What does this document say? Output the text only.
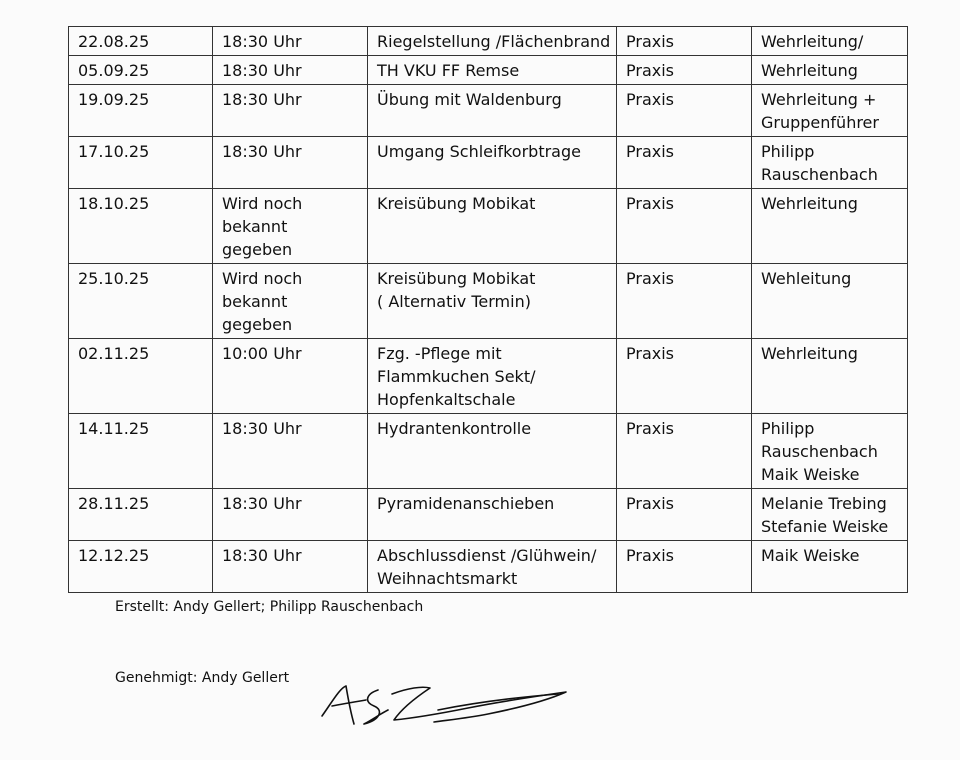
22.08.25	18:30 Uhr	Riegelstellung /Flächenbrand	Praxis	Wehrleitung/

05.09.25	18:30 Uhr	TH VKU FF Remse	Praxis	Wehrleitung

19.09.25	18:30 Uhr	Übung mit Waldenburg	Praxis	Wehrleitung +
Gruppenführer

17.10.25	18:30 Uhr	Umgang Schleifkorbtrage	Praxis	Philipp
Rauschenbach

18.10.25	Wird noch
bekannt
gegeben	Kreisübung Mobikat	Praxis	Wehrleitung

25.10.25	Wird noch
bekannt
gegeben	Kreisübung Mobikat
( Alternativ Termin)	Praxis	Wehleitung

02.11.25	10:00 Uhr	Fzg. -Pflege mit
Flammkuchen Sekt/
Hopfenkaltschale	Praxis	Wehrleitung

14.11.25	18:30 Uhr	Hydrantenkontrolle	Praxis	Philipp
Rauschenbach
Maik Weiske

28.11.25	18:30 Uhr	Pyramidenanschieben	Praxis	Melanie Trebing
Stefanie Weiske

12.12.25	18:30 Uhr	Abschlussdienst /Glühwein/
Weihnachtsmarkt	Praxis	Maik Weiske
Erstellt: Andy Gellert; Philipp Rauschenbach
Genehmigt: Andy Gellert
